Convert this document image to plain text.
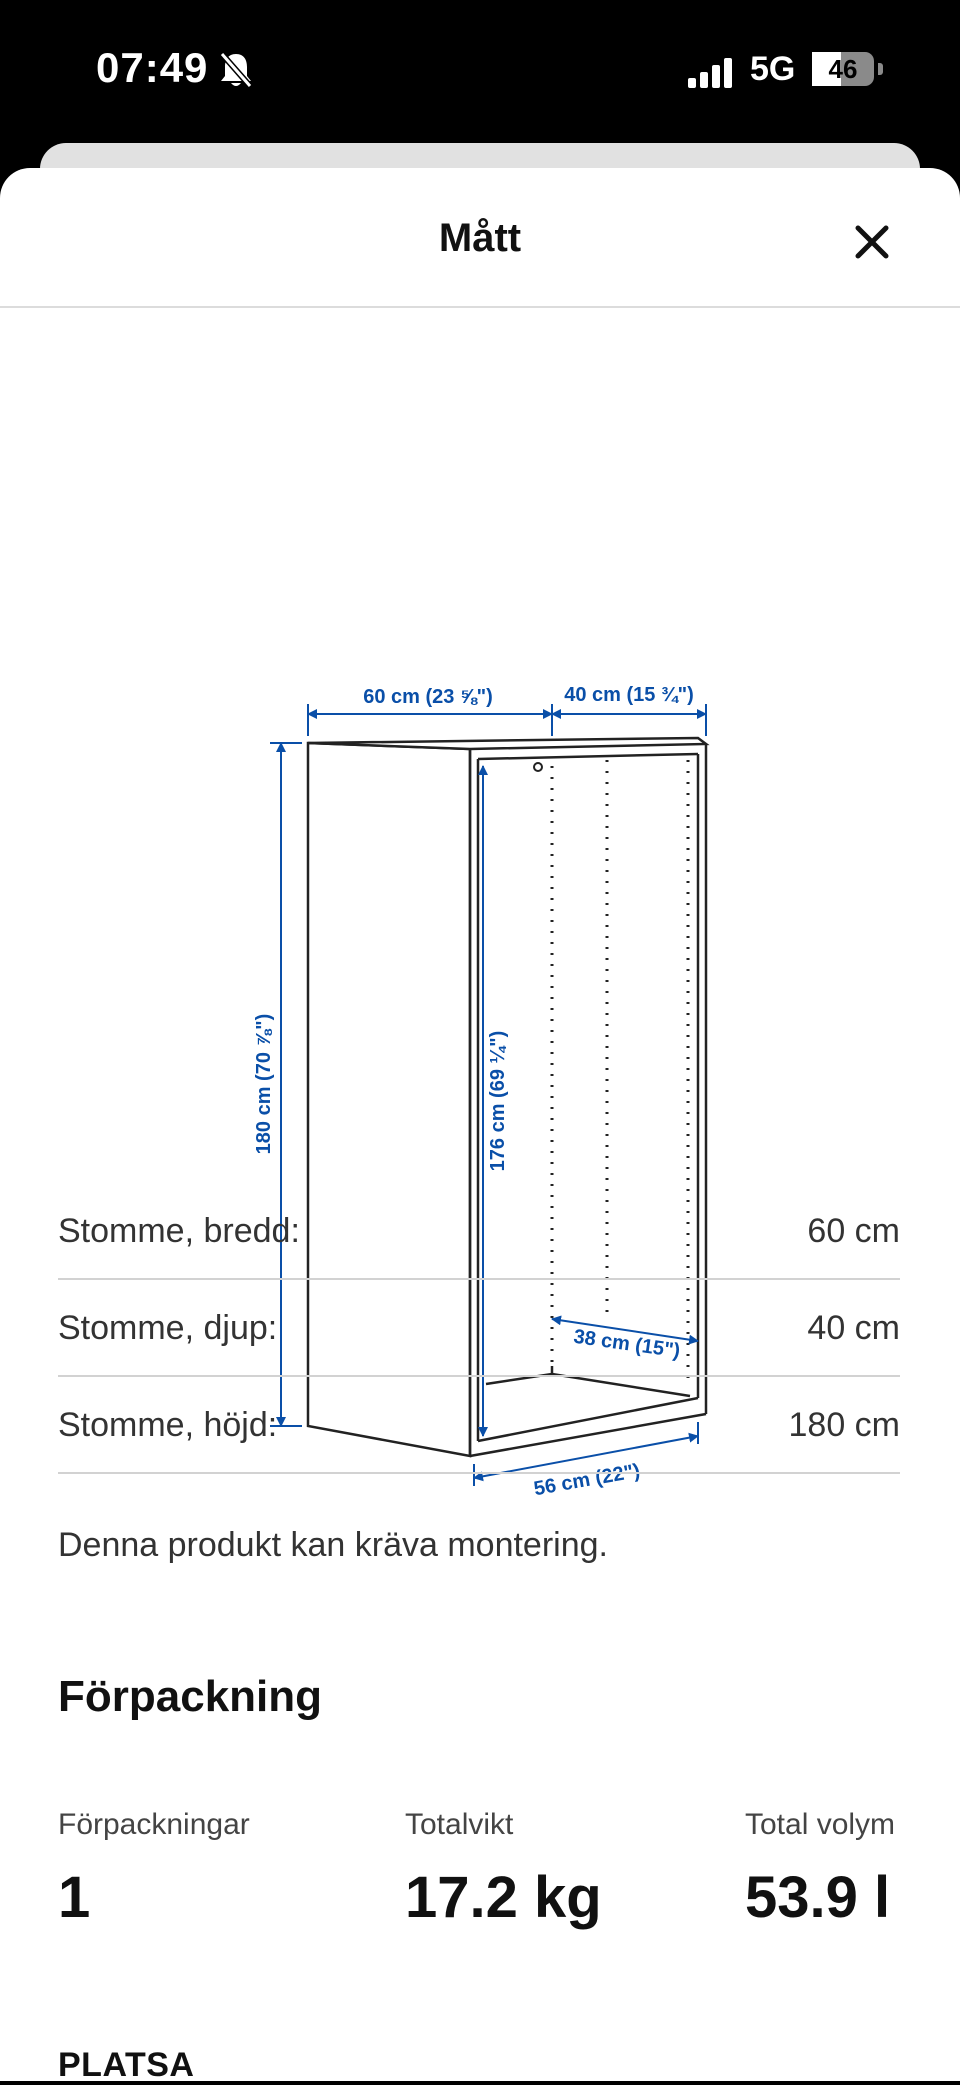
07:49	5G	46
Mått
60 cm (23 ⅝")	40 cm (15 ¾")
180 cm (70 ⅞")	176 cm (69 ¼")
38 cm (15")
56 cm (22")
Stomme, bredd:	60 cm
Stomme, djup:	40 cm
Stomme, höjd:	180 cm
Denna produkt kan kräva montering.
Förpackning
Förpackningar
1
Totalvikt
17.2 kg
Total volym
53.9 l
PLATSA
